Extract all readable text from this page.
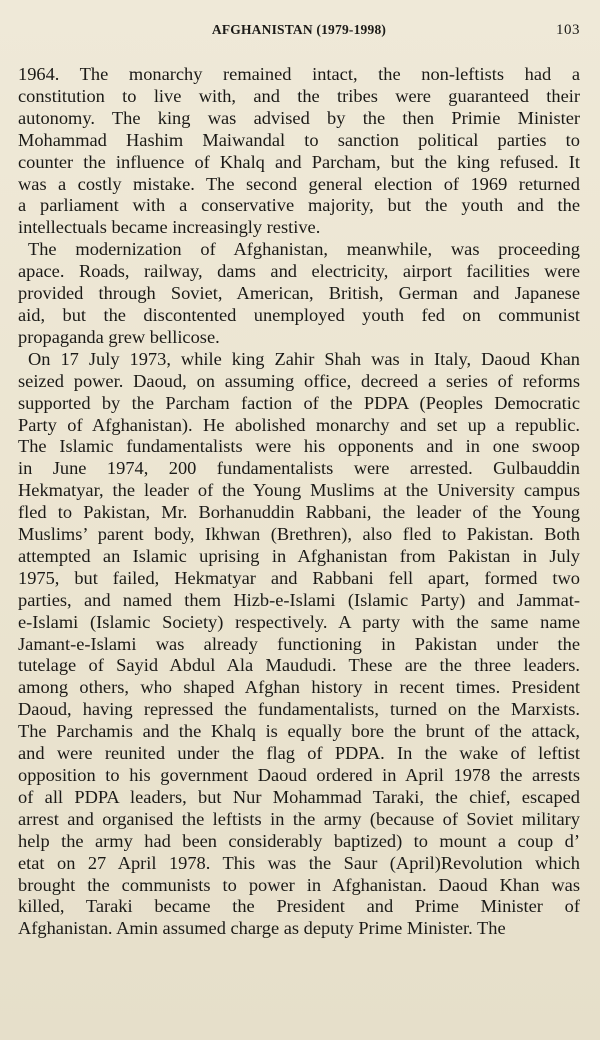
AFGHANISTAN (1979-1998)	103
1964. The monarchy remained intact, the non-leftists had a
constitution to live with, and the tribes were guaranteed their
autonomy. The king was advised by the then Primie Minister
Mohammad Hashim Maiwandal to sanction political parties to
counter the influence of Khalq and Parcham, but the king refused. It
was a costly mistake. The second general election of 1969 returned
a parliament with a conservative majority, but the youth and the
intellectuals became increasingly restive.
The modernization of Afghanistan, meanwhile, was proceeding
apace. Roads, railway, dams and electricity, airport facilities were
provided through Soviet, American, British, German and Japanese
aid, but the discontented unemployed youth fed on communist
propaganda grew bellicose.
On 17 July 1973, while king Zahir Shah was in Italy, Daoud Khan
seized power. Daoud, on assuming office, decreed a series of reforms
supported by the Parcham faction of the PDPA (Peoples Democratic
Party of Afghanistan). He abolished monarchy and set up a republic.
The Islamic fundamentalists were his opponents and in one swoop
in June 1974, 200 fundamentalists were arrested. Gulbauddin
Hekmatyar, the leader of the Young Muslims at the University campus
fled to Pakistan, Mr. Borhanuddin Rabbani, the leader of the Young
Muslims’ parent body, Ikhwan (Brethren), also fled to Pakistan. Both
attempted an Islamic uprising in Afghanistan from Pakistan in July
1975, but failed, Hekmatyar and Rabbani fell apart, formed two
parties, and named them Hizb-e-Islami (Islamic Party) and Jammat-
e-Islami (Islamic Society) respectively. A party with the same name
Jamant-e-Islami was already functioning in Pakistan under the
tutelage of Sayid Abdul Ala Maududi. These are the three leaders.
among others, who shaped Afghan history in recent times. President
Daoud, having repressed the fundamentalists, turned on the Marxists.
The Parchamis and the Khalq is equally bore the brunt of the attack,
and were reunited under the flag of PDPA. In the wake of leftist
opposition to his government Daoud ordered in April 1978 the arrests
of all PDPA leaders, but Nur Mohammad Taraki, the chief, escaped
arrest and organised the leftists in the army (because of Soviet military
help the army had been considerably baptized) to mount a coup d’
etat on 27 April 1978. This was the Saur (April)Revolution which
brought the communists to power in Afghanistan. Daoud Khan was
killed, Taraki became the President and Prime Minister of
Afghanistan. Amin assumed charge as deputy Prime Minister. The
